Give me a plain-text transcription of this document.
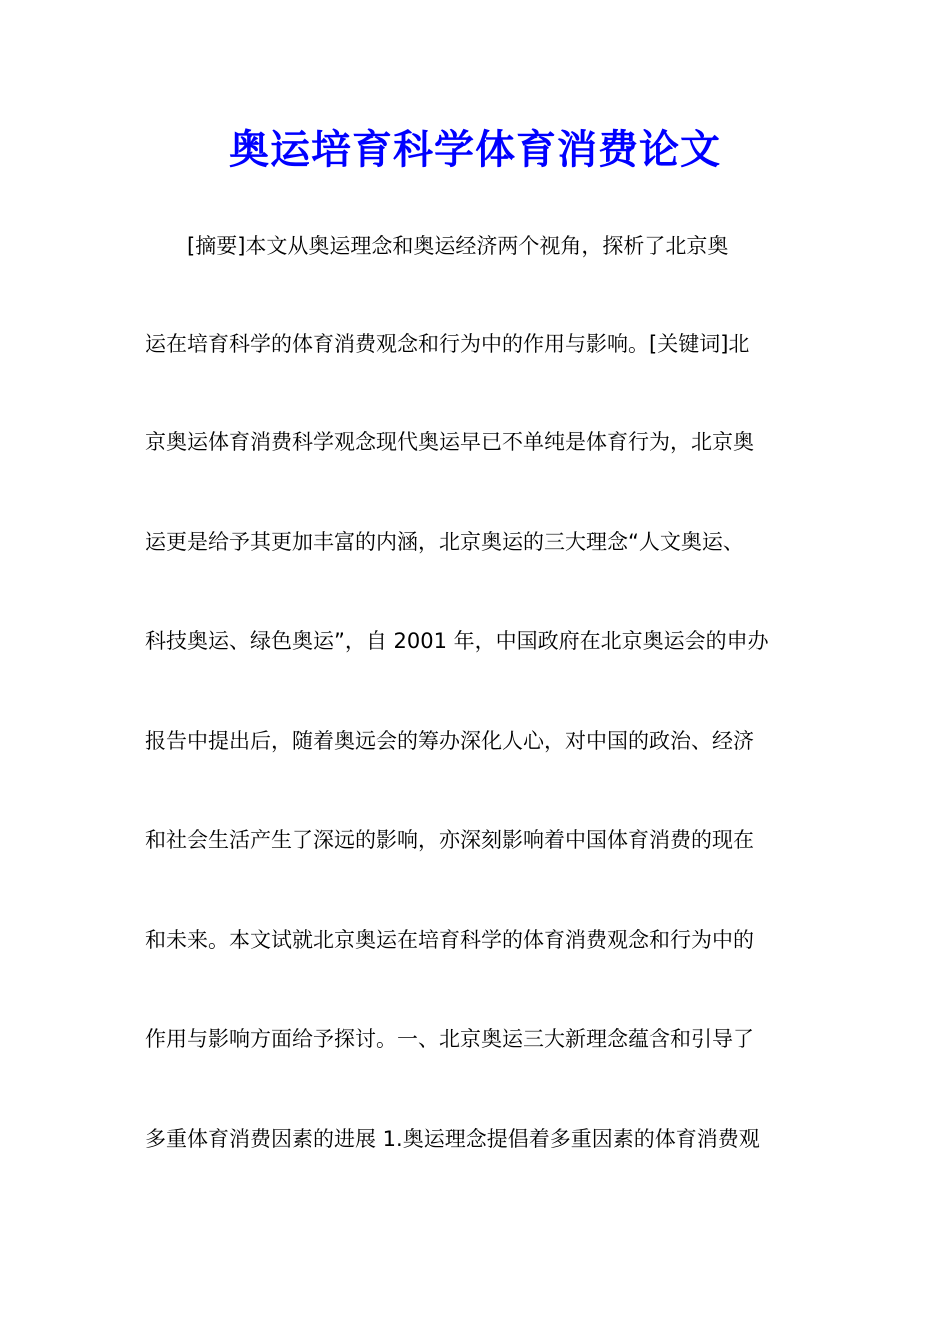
奥运培育科学体育消费论文
　　[摘要]本文从奥运理念和奥运经济两个视角，探析了北京奥
运在培育科学的体育消费观念和行为中的作用与影响。[关键词]北
京奥运体育消费科学观念现代奥运早已不单纯是体育行为，北京奥
运更是给予其更加丰富的内涵，北京奥运的三大理念“人文奥运、
科技奥运、绿色奥运”，自 2001 年，中国政府在北京奥运会的申办
报告中提出后，随着奥远会的筹办深化人心，对中国的政治、经济
和社会生活产生了深远的影响，亦深刻影响着中国体育消费的现在
和未来。本文试就北京奥运在培育科学的体育消费观念和行为中的
作用与影响方面给予探讨。一、北京奥运三大新理念蕴含和引导了
多重体育消费因素的进展 1.奥运理念提倡着多重因素的体育消费观
